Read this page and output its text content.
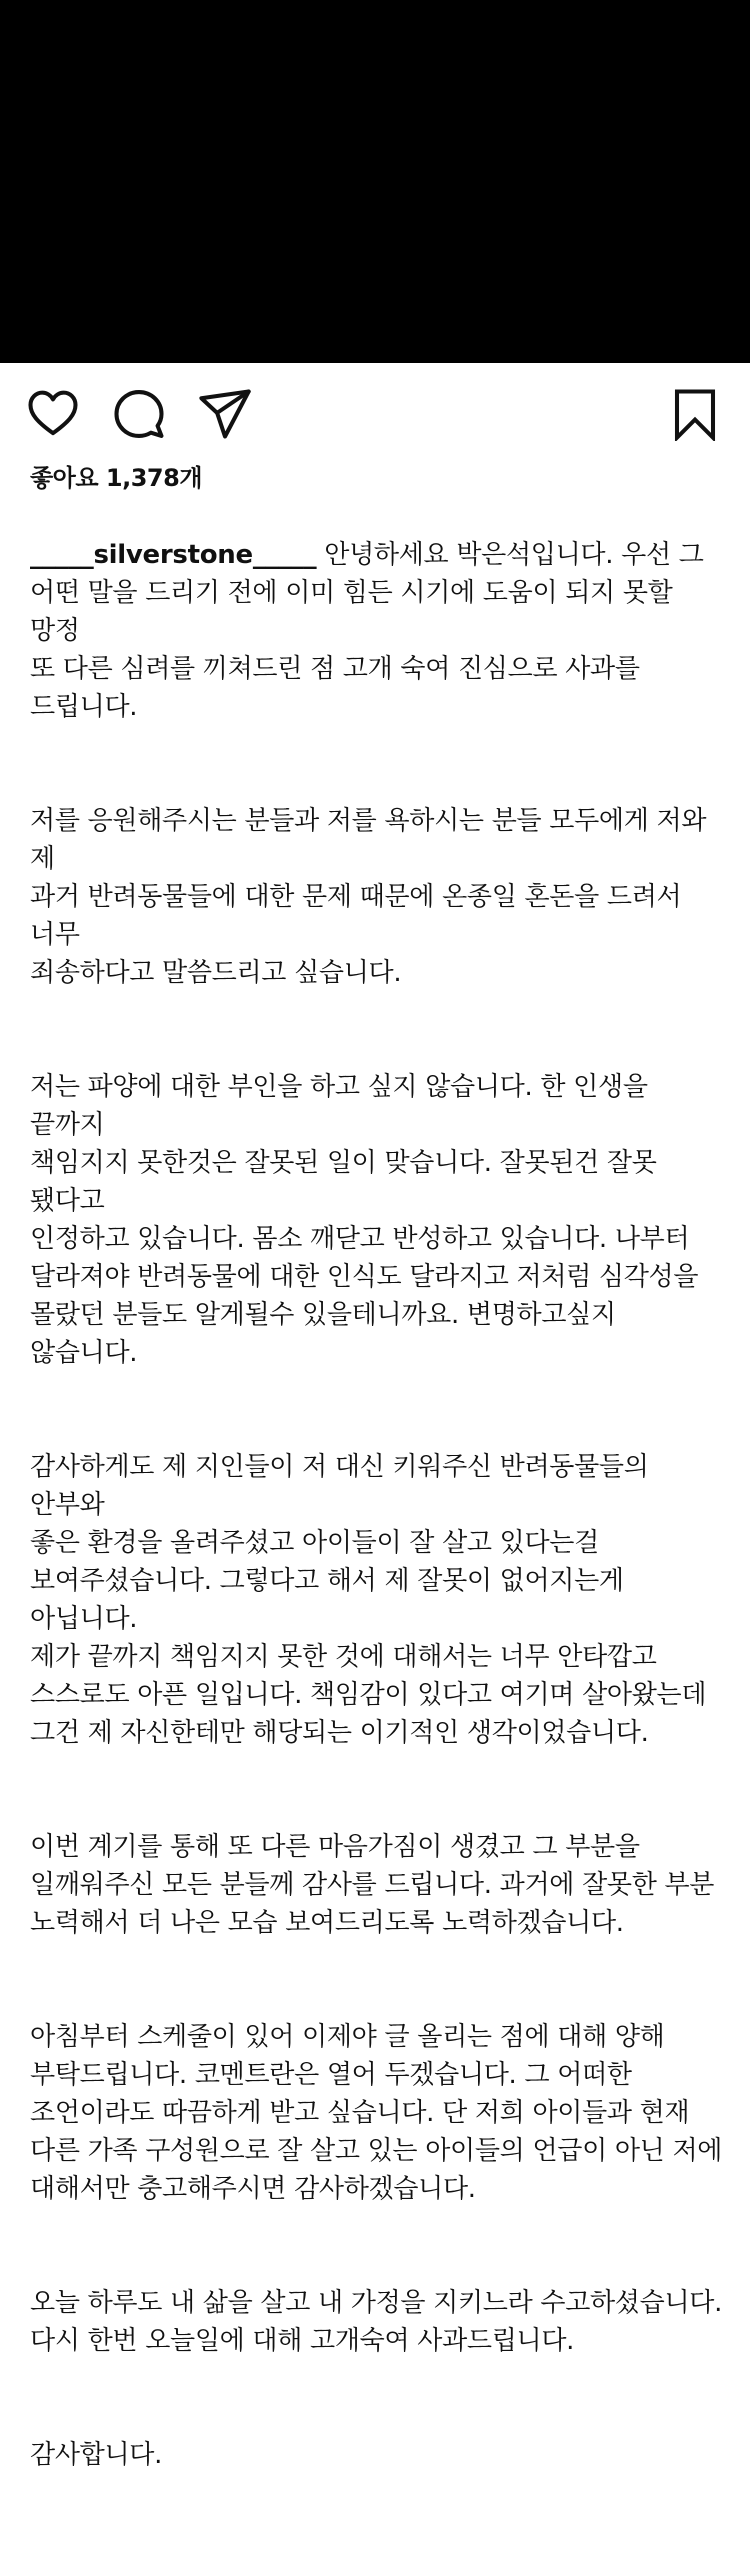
좋아요 1,378개

_____silverstone_____ 안녕하세요 박은석입니다. 우선 그
어떤 말을 드리기 전에 이미 힘든 시기에 도움이 되지 못할 망정
또 다른 심려를 끼쳐드린 점 고개 숙여 진심으로 사과를
드립니다.

저를 응원해주시는 분들과 저를 욕하시는 분들 모두에게 저와 제
과거 반려동물들에 대한 문제 때문에 온종일 혼돈을 드려서 너무
죄송하다고 말씀드리고 싶습니다.

저는 파양에 대한 부인을 하고 싶지 않습니다. 한 인생을 끝까지
책임지지 못한것은 잘못된 일이 맞습니다. 잘못된건 잘못 됐다고
인정하고 있습니다. 몸소 깨닫고 반성하고 있습니다. 나부터
달라져야 반려동물에 대한 인식도 달라지고 저처럼 심각성을
몰랐던 분들도 알게될수 있을테니까요. 변명하고싶지 않습니다.

감사하게도 제 지인들이 저 대신 키워주신 반려동물들의 안부와
좋은 환경을 올려주셨고 아이들이 잘 살고 있다는걸
보여주셨습니다. 그렇다고 해서 제 잘못이 없어지는게 아닙니다.
제가 끝까지 책임지지 못한 것에 대해서는 너무 안타깝고
스스로도 아픈 일입니다. 책임감이 있다고 여기며 살아왔는데
그건 제 자신한테만 해당되는 이기적인 생각이었습니다.

이번 계기를 통해 또 다른 마음가짐이 생겼고 그 부분을
일깨워주신 모든 분들께 감사를 드립니다. 과거에 잘못한 부분
노력해서 더 나은 모습 보여드리도록 노력하겠습니다.

아침부터 스케줄이 있어 이제야 글 올리는 점에 대해 양해
부탁드립니다. 코멘트란은 열어 두겠습니다. 그 어떠한
조언이라도 따끔하게 받고 싶습니다. 단 저희 아이들과 현재
다른 가족 구성원으로 잘 살고 있는 아이들의 언급이 아닌 저에
대해서만 충고해주시면 감사하겠습니다.

오늘 하루도 내 삶을 살고 내 가정을 지키느라 수고하셨습니다.
다시 한번 오늘일에 대해 고개숙여 사과드립니다.

감사합니다.
